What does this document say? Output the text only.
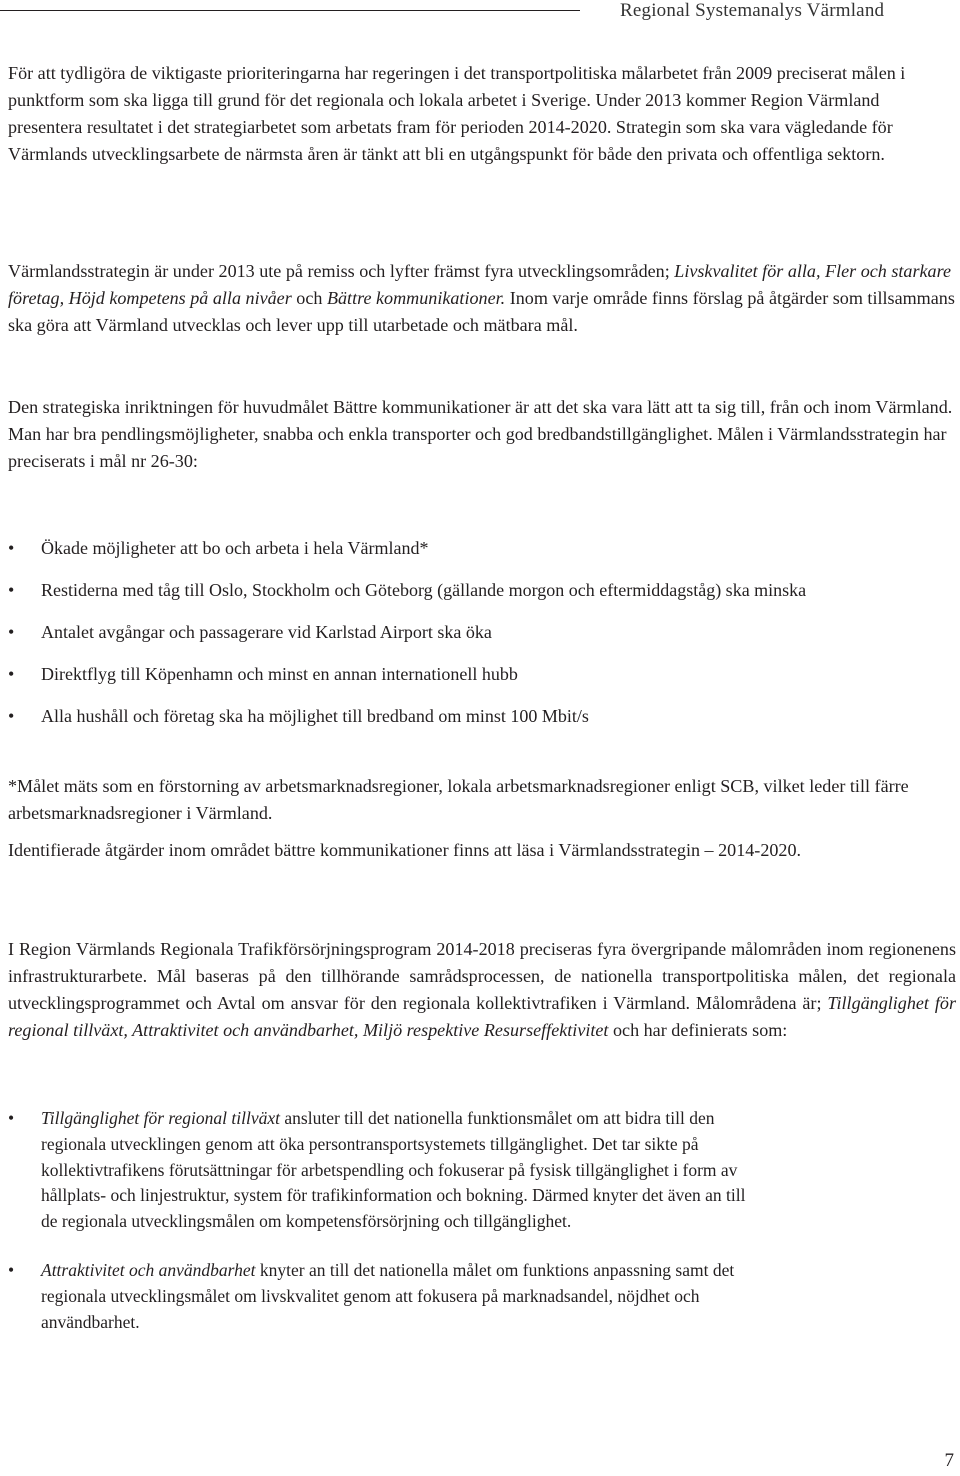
Regional Systemanalys Värmland
För att tydligöra de viktigaste prioriteringarna har regeringen i det transportpolitiska målarbetet från 2009 preciserat målen i punktform som ska ligga till grund för det regionala och lokala arbetet i Sverige. Under 2013 kommer Region Värmland presentera resultatet i det strategiarbetet som arbetats fram för perioden 2014-2020. Strategin som ska vara vägledande för Värmlands utvecklingsarbete de närmsta åren är tänkt att bli en utgångspunkt för både den privata och offentliga sektorn.
Värmlandsstrategin är under 2013 ute på remiss och lyfter främst fyra utvecklingsområden; Livskvalitet för alla, Fler och starkare företag, Höjd kompetens på alla nivåer och Bättre kommunikationer. Inom varje område finns förslag på åtgärder som tillsammans ska göra att Värmland utvecklas och lever upp till utarbetade och mätbara mål.
Den strategiska inriktningen för huvudmålet Bättre kommunikationer är att det ska vara lätt att ta sig till, från och inom Värmland. Man har bra pendlingsmöjligheter, snabba och enkla transporter och god bredbandstillgänglighet. Målen i Värmlandsstrategin har preciserats i mål nr 26-30:
• Ökade möjligheter att bo och arbeta i hela Värmland*
• Restiderna med tåg till Oslo, Stockholm och Göteborg (gällande morgon och eftermiddagståg) ska minska
• Antalet avgångar och passagerare vid Karlstad Airport ska öka
• Direktflyg till Köpenhamn och minst en annan internationell hubb
• Alla hushåll och företag ska ha möjlighet till bredband om minst 100 Mbit/s
*Målet mäts som en förstorning av arbetsmarknadsregioner, lokala arbetsmarknadsregioner enligt SCB, vilket leder till färre arbetsmarknadsregioner i Värmland.
Identifierade åtgärder inom området bättre kommunikationer finns att läsa i Värmlandsstrategin – 2014-2020.
I Region Värmlands Regionala Trafikförsörjningsprogram 2014-2018 preciseras fyra övergripande målområden inom regionenens infrastrukturarbete. Mål baseras på den tillhörande samrådsprocessen, de nationella transportpolitiska målen, det regionala utvecklingsprogrammet och Avtal om ansvar för den regionala kollektivtrafiken i Värmland. Målområdena är; Tillgänglighet för regional tillväxt, Attraktivitet och användbarhet, Miljö respektive Resurseffektivitet och har definierats som:
• Tillgänglighet för regional tillväxt ansluter till det nationella funktionsmålet om att bidra till den regionala utvecklingen genom att öka persontransportsystemets tillgänglighet. Det tar sikte på kollektivtrafikens förutsättningar för arbetspendling och fokuserar på fysisk tillgänglighet i form av hållplats- och linjestruktur, system för trafikinformation och bokning. Därmed knyter det även an till de regionala utvecklingsmålen om kompetensförsörjning och tillgänglighet.
• Attraktivitet och användbarhet knyter an till det nationella målet om funktions anpassning samt det regionala utvecklingsmålet om livskvalitet genom att fokusera på marknadsandel, nöjdhet och användbarhet.
7
